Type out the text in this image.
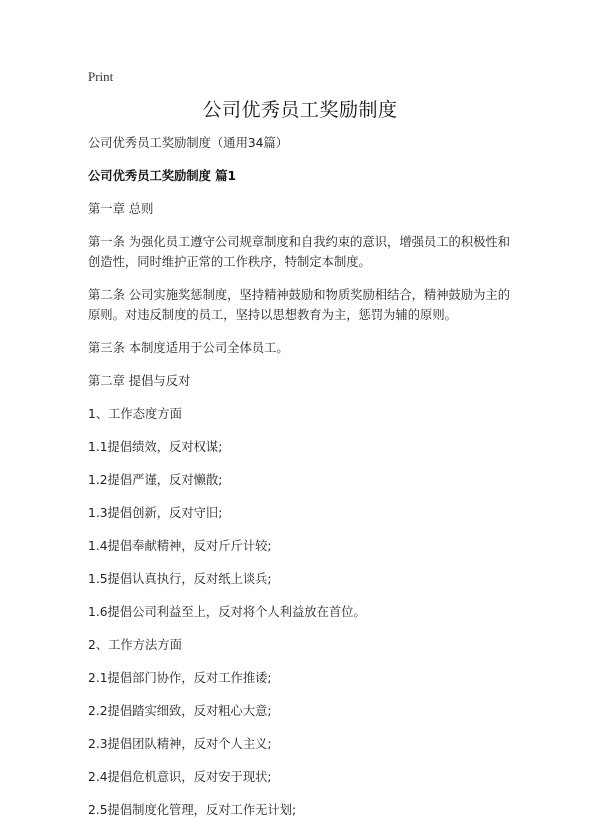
Print
公司优秀员工奖励制度

公司优秀员工奖励制度（通用34篇）

公司优秀员工奖励制度 篇1

第一章 总则

第一条 为强化员工遵守公司规章制度和自我约束的意识，增强员工的积极性和创造性，同时维护正常的工作秩序，特制定本制度。

第二条 公司实施奖惩制度，坚持精神鼓励和物质奖励相结合，精神鼓励为主的原则。对违反制度的员工，坚持以思想教育为主，惩罚为辅的原则。

第三条 本制度适用于公司全体员工。

第二章 提倡与反对

1、工作态度方面

1.1提倡绩效，反对权谋;

1.2提倡严谨，反对懒散;

1.3提倡创新，反对守旧;

1.4提倡奉献精神，反对斤斤计较;

1.5提倡认真执行，反对纸上谈兵;

1.6提倡公司利益至上，反对将个人利益放在首位。

2、工作方法方面

2.1提倡部门协作，反对工作推诿;

2.2提倡踏实细致，反对粗心大意;

2.3提倡团队精神，反对个人主义;

2.4提倡危机意识，反对安于现状;

2.5提倡制度化管理，反对工作无计划;
